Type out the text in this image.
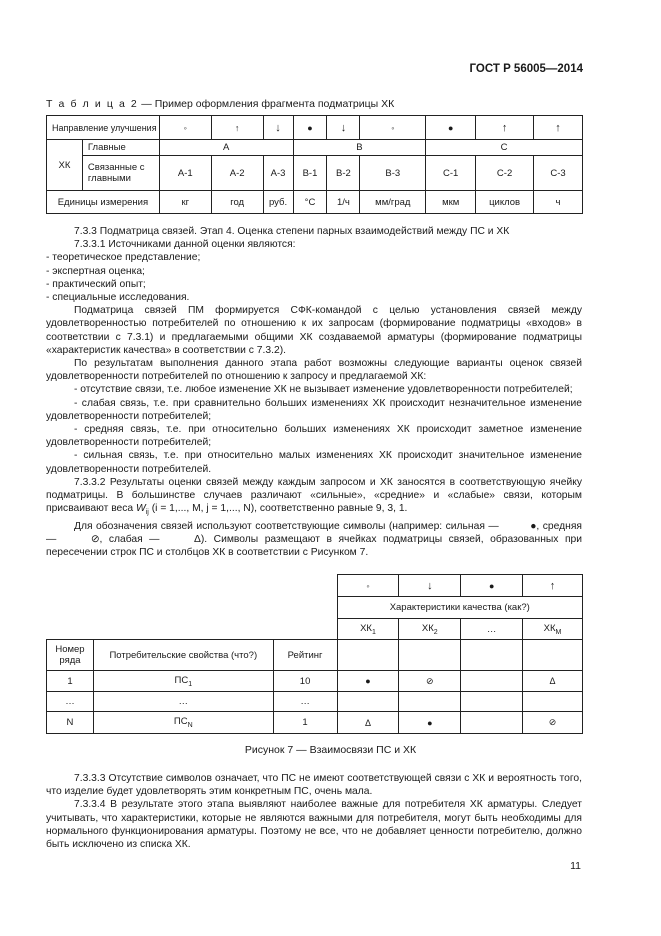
ГОСТ Р 56005—2014
Т а б л и ц а 2 — Пример оформления фрагмента подматрицы ХК
Направление улучшения		◦	↑	↓	●	↓	◦	●	↑	↑
ХК	Главные	А			В			С		
	Связанные с главными	А-1	А-2	А-3	В-1	В-2	В-3	С-1	С-2	С-3
Единицы измерения		кг	год	руб.	°С	1/ч	мм/град	мкм	циклов	ч

7.3.3 Подматрица связей. Этап 4. Оценка степени парных взаимодействий между ПС и ХК

7.3.3.1 Источниками данной оценки являются:

- теоретическое представление;

- экспертная оценка;

- практический опыт;

- специальные исследования.

Подматрица связей ПМ формируется СФК-командой с целью установления связей между удовлетворенностью потребителей по отношению к их запросам (формирование подматрицы «входов» в соответствии с 7.3.1) и предлагаемыми общими ХК создаваемой арматуры (формирование подматрицы «характеристик качества» в соответствии с 7.3.2).

По результатам выполнения данного этапа работ возможны следующие варианты оценок связей удовлетворенности потребителей по отношению к запросу и предлагаемой ХК:

- отсутствие связи, т.е. любое изменение ХК не вызывает изменение удовлетворенности потребителей;

- слабая связь, т.е. при сравнительно больших изменениях ХК происходит незначительное изменение удовлетворенности потребителей;

- средняя связь, т.е. при относительно больших изменениях ХК происходит заметное изменение удовлетворенности потребителей;

- сильная связь, т.е. при относительно малых изменениях ХК происходит значительное изменение удовлетворенности потребителей.

7.3.3.2 Результаты оценки связей между каждым запросом и ХК заносятся в соответствующую ячейку подматрицы. В большинстве случаев различают «сильные», «средние» и «слабые» связи, которым присваивают веса $W_{ij}$ (i = 1,..., M, j = 1,..., N), соответственно равные 9, 3, 1.

Для обозначения связей используют соответствующие символы (например: сильная —	●, средняя —	⊘, слабая —	Δ). Символы размещают в ячейках подматрицы связей, образованных при пересечении строк ПС и столбцов ХК в соответствии с Рисунком 7.

			◦	↓	●	↑
			Характеристики качества (как?)			
			$ХК_1$	$ХК_2$	…	$ХК_M$
Номер ряда	Потребительские свойства (что?)	Рейтинг				
1	$ПС_1$	10	●	⊘		Δ
…	…	…				
N	$ПС_N$	1	Δ	●		⊘
Рисунок 7 — Взаимосвязи ПС и ХК

7.3.3.3 Отсутствие символов означает, что ПС не имеют соответствующей связи с ХК и вероятность того, что изделие будет удовлетворять этим конкретным ПС, очень мала.

7.3.3.4 В результате этого этапа выявляют наиболее важные для потребителя ХК арматуры. Следует учитывать, что характеристики, которые не являются важными для потребителя, могут быть необходимы для нормального функционирования арматуры. Поэтому не все, что не добавляет ценности потребителю, должно быть исключено из списка ХК.

11
